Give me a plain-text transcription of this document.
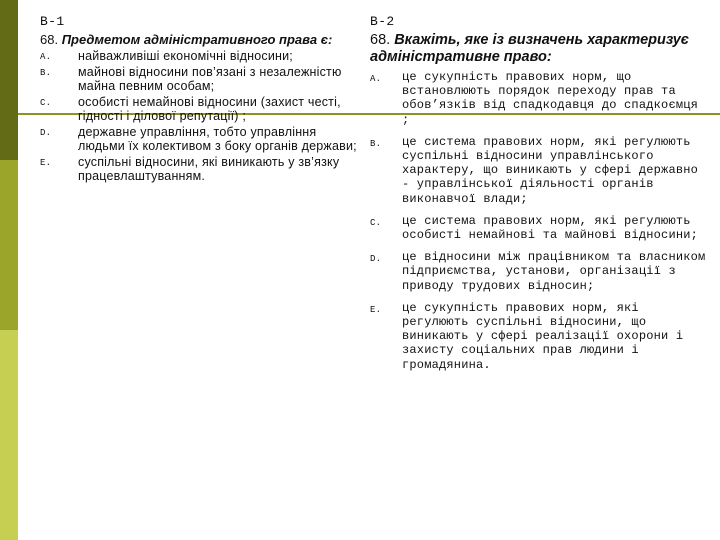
B-1
68. Предметом адміністративного права є:
A. найважливіші економічні відносини;
B. майнові відносини пов’язані з незалежністю майна певним особам;
C. особисті немайнові відносини (захист честі, гідності і ділової репутації) ;
D. державне управління, тобто управління людьми їх колективом з боку органів держави;
E. суспільні відносини, які виникають у зв’язку працевлаштуванням.
B-2
68. Вкажіть, яке із визначень характеризує адміністративне право:
A. це сукупність правових норм, що встановлюють порядок переходу прав та обов’язків від спадкодавця до спадкоємця ;
B. це система правових норм, які регулюють суспільні відносини управлінського характеру, що виникають у сфері державно - управлінської діяльності органів виконавчої влади;
C. це система правових норм, які регулюють особисті немайнові та майнові відносини;
D. це відносини між працівником та власником підприємства, установи, організації з приводу трудових відносин;
E. це сукупність правових норм, які регулюють суспільні відносини, що виникають у сфері реалізації охорони і захисту соціальних прав людини і громадянина.
